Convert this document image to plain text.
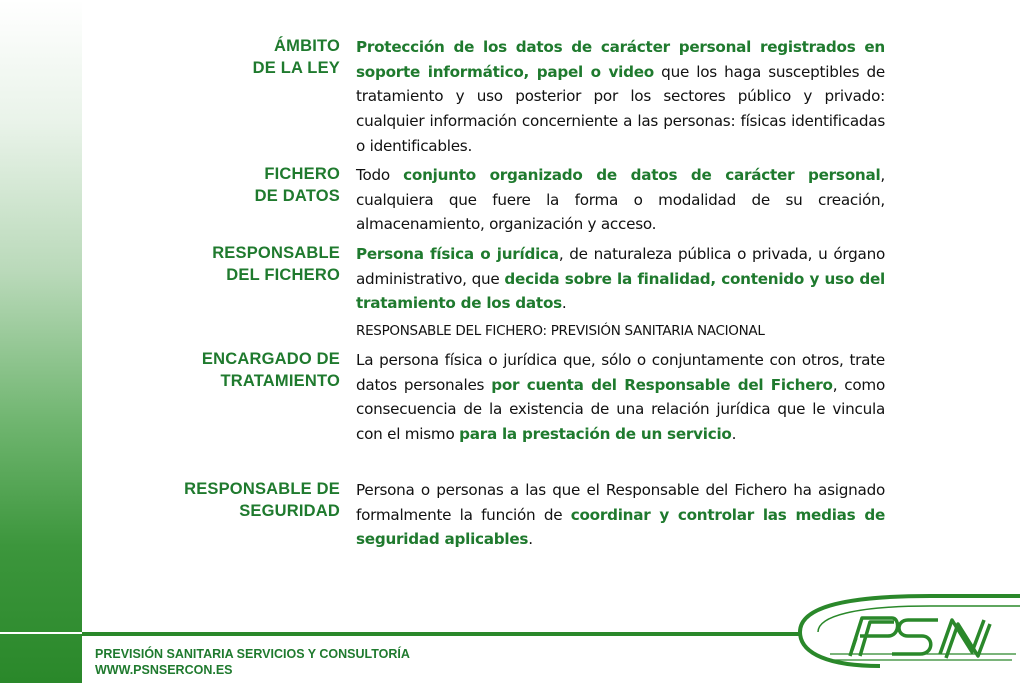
ÁMBITO
DE LA LEY

Protección de los datos de carácter personal registrados en soporte informático, papel o video que los haga susceptibles de tratamiento y uso posterior por los sectores público y privado: cualquier información concerniente a las personas: físicas identificadas o identificables.

FICHERO
DE DATOS

Todo conjunto organizado de datos de carácter personal, cualquiera que fuere la forma o modalidad de su creación, almacenamiento, organización y acceso.

RESPONSABLE
DEL FICHERO

Persona física o jurídica, de naturaleza pública o privada, u órgano administrativo, que decida sobre la finalidad, contenido y uso del tratamiento de los datos.

RESPONSABLE DEL FICHERO: PREVISIÓN SANITARIA NACIONAL

ENCARGADO DE
TRATAMIENTO

La persona física o jurídica que, sólo o conjuntamente con otros, trate datos personales por cuenta del Responsable del Fichero, como consecuencia de la existencia de una relación jurídica que le vincula con el mismo para la prestación de un servicio.

RESPONSABLE DE
SEGURIDAD

Persona o personas a las que el Responsable del Fichero ha asignado formalmente la función de coordinar y controlar las medias de seguridad aplicables.

PREVISIÓN SANITARIA SERVICIOS Y CONSULTORÍA
WWW.PSNSERCON.ES
